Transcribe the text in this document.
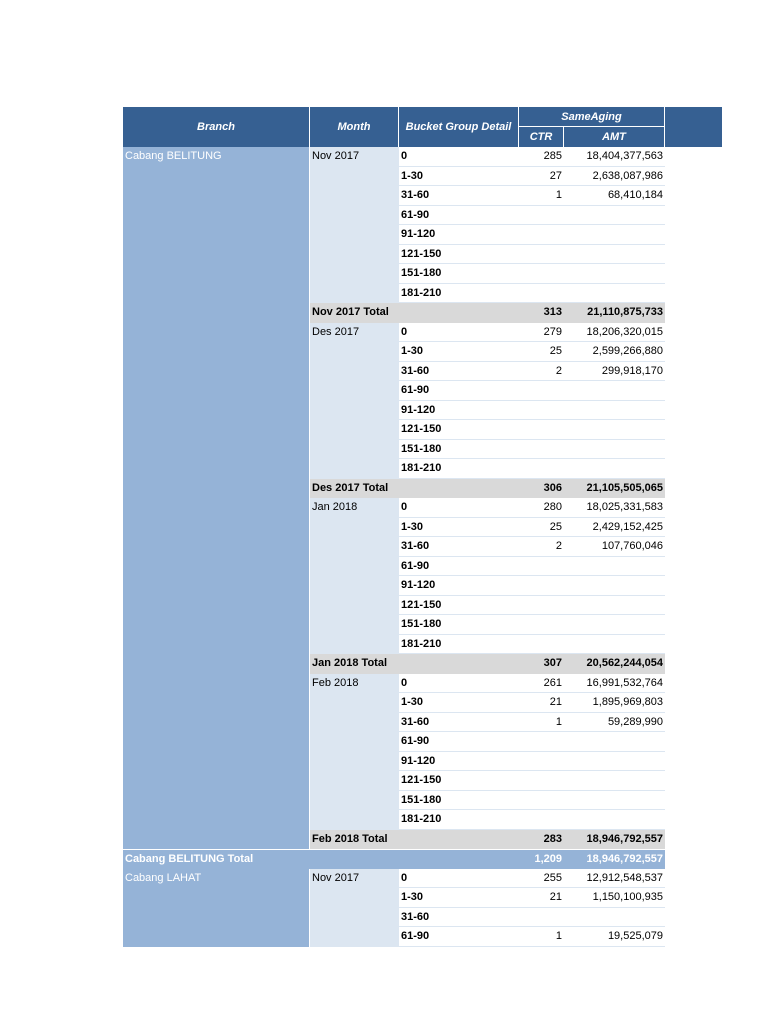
Branch	Month	Bucket Group Detail
SameAging
CTR	AMT
Cabang BELITUNG	Nov 2017	0	285	18,404,377,563
1-30	27	2,638,087,986
31-60	1	68,410,184
61-90
91-120
121-150
151-180
181-210
Nov 2017 Total	313	21,110,875,733
Des 2017	0	279	18,206,320,015
1-30	25	2,599,266,880
31-60	2	299,918,170
61-90
91-120
121-150
151-180
181-210
Des 2017 Total	306	21,105,505,065
Jan 2018	0	280	18,025,331,583
1-30	25	2,429,152,425
31-60	2	107,760,046
61-90
91-120
121-150
151-180
181-210
Jan 2018 Total	307	20,562,244,054
Feb 2018	0	261	16,991,532,764
1-30	21	1,895,969,803
31-60	1	59,289,990
61-90
91-120
121-150
151-180
181-210
Feb 2018 Total	283	18,946,792,557
Cabang BELITUNG Total	1,209	18,946,792,557
Cabang LAHAT	Nov 2017	0	255	12,912,548,537
1-30	21	1,150,100,935
31-60
61-90	1	19,525,079
